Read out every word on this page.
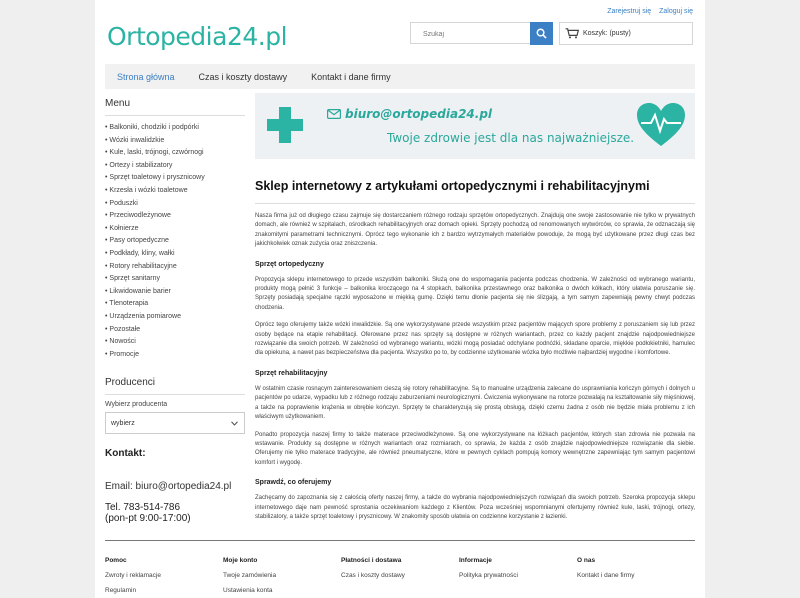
Zarejestruj się Zaloguj się
Ortopedia24.pl
Szukaj	Koszyk: (pusty)
Strona główna	Czas i koszty dostawy	Kontakt i dane firmy
Menu
• Balkoniki, chodziki i podpórki
• Wózki inwalidzkie
• Kule, laski, trójnogi, czwórnogi
• Ortezy i stabilizatory
• Sprzęt toaletowy i prysznicowy
• Krzesła i wózki toaletowe
• Poduszki
• Przeciwodleżynowe
• Kołnierze
• Pasy ortopedyczne
• Podkłady, kliny, wałki
• Rotory rehabilitacyjne
• Sprzęt sanitarny
• Likwidowanie barier
• Tlenoterapia
• Urządzenia pomiarowe
• Pozostałe
• Nowości
• Promocje
Producenci
Wybierz producenta
wybierz
Kontakt:
Email: biuro@ortopedia24.pl
Tel. 783-514-786
(pon-pt 9:00-17:00)
biuro@ortopedia24.pl
Twoje zdrowie jest dla nas najważniejsze.
Sklep internetowy z artykułami ortopedycznymi i rehabilitacyjnymi

Nasza firma już od długiego czasu zajmuje się dostarczaniem różnego rodzaju sprzętów ortopedycznych. Znajdują one swoje zastosowanie nie tylko w prywatnych domach, ale również w szpitalach, ośrodkach rehabilitacyjnych oraz domach opieki. Sprzęty pochodzą od renomowanych wytwórców, co sprawia, że odznaczają się znakomitymi parametrami technicznymi. Oprócz tego wykonanie ich z bardzo wytrzymałych materiałów powoduje, że mogą być użytkowane przez długi czas bez jakichkolwiek oznak zużycia oraz zniszczenia.

Sprzęt ortopedyczny

Propozycja sklepu internetowego to przede wszystkim balkoniki. Służą one do wspomagania pacjenta podczas chodzenia. W zależności od wybranego wariantu, produkty mogą pełnić 3 funkcje – balkonika kroczącego na 4 stopkach, balkonika przestawnego oraz balkonika o dwóch kółkach, który ułatwia poruszanie się. Sprzęty posiadają specjalne rączki wyposażone w miękką gumę. Dzięki temu dłonie pacjenta się nie ślizgają, a tym samym zapewniają pewny chwyt podczas chodzenia.

Oprócz tego oferujemy także wózki inwalidzkie. Są one wykorzystywane przede wszystkim przez pacjentów mających spore problemy z poruszaniem się lub przez osoby będące na etapie rehabilitacji. Oferowane przez nas sprzęty są dostępne w różnych wariantach, przez co każdy pacjent znajdzie najodpowiedniejsze rozwiązanie dla swoich potrzeb. W zależności od wybranego wariantu, wózki mogą posiadać odchylane podnóżki, składane oparcie, miękkie podłokietniki, hamulec dla opiekuna, a nawet pas bezpieczeństwa dla pacjenta. Wszystko po to, by codzienne użytkowanie wózka było możliwie najbardziej wygodne i komfortowe.

Sprzęt rehabilitacyjny

W ostatnim czasie rosnącym zainteresowaniem cieszą się rotory rehabilitacyjne. Są to manualne urządzenia zalecane do usprawniania kończyn górnych i dolnych u pacjentów po udarze, wypadku lub z różnego rodzaju zaburzeniami neurologicznymi. Ćwiczenia wykonywane na rotorze pozwalają na kształtowanie siły mięśniowej, a także na poprawienie krążenia w obrębie kończyn. Sprzęty te charakteryzują się prostą obsługą, dzięki czemu żadna z osób nie będzie miała problemu z ich właściwym użytkowaniem.

Ponadto propozycja naszej firmy to także materace przeciwodleżynowe. Są one wykorzystywane na łóżkach pacjentów, których stan zdrowia nie pozwala na wstawanie. Produkty są dostępne w różnych wariantach oraz rozmiarach, co sprawia, że każda z osób znajdzie najodpowiedniejsze rozwiązanie dla siebie. Oferujemy nie tylko materace tradycyjne, ale również pneumatyczne, które w pewnych cyklach pompują komory wewnętrzne zapewniając tym samym pacjentowi komfort i wygodę.

Sprawdź, co oferujemy

Zachęcamy do zapoznania się z całością oferty naszej firmy, a także do wybrania najodpowiedniejszych rozwiązań dla swoich potrzeb. Szeroka propozycja sklepu internetowego daje nam pewność sprostania oczekiwaniom każdego z Klientów. Poza wcześniej wspomnianymi ofertujemy również kule, laski, trójnogi, ortezy, stabilizatory, a także sprzęt toaletowy i prysznicowy. W znakomity sposób ułatwia on codzienne korzystanie z łazienki.

Pomoc
Zwroty i reklamacje
Regulamin
Moje konto
Twoje zamówienia
Ustawienia konta
Płatności i dostawa
Czas i koszty dostawy
Informacje
Polityka prywatności
O nas
Kontakt i dane firmy
